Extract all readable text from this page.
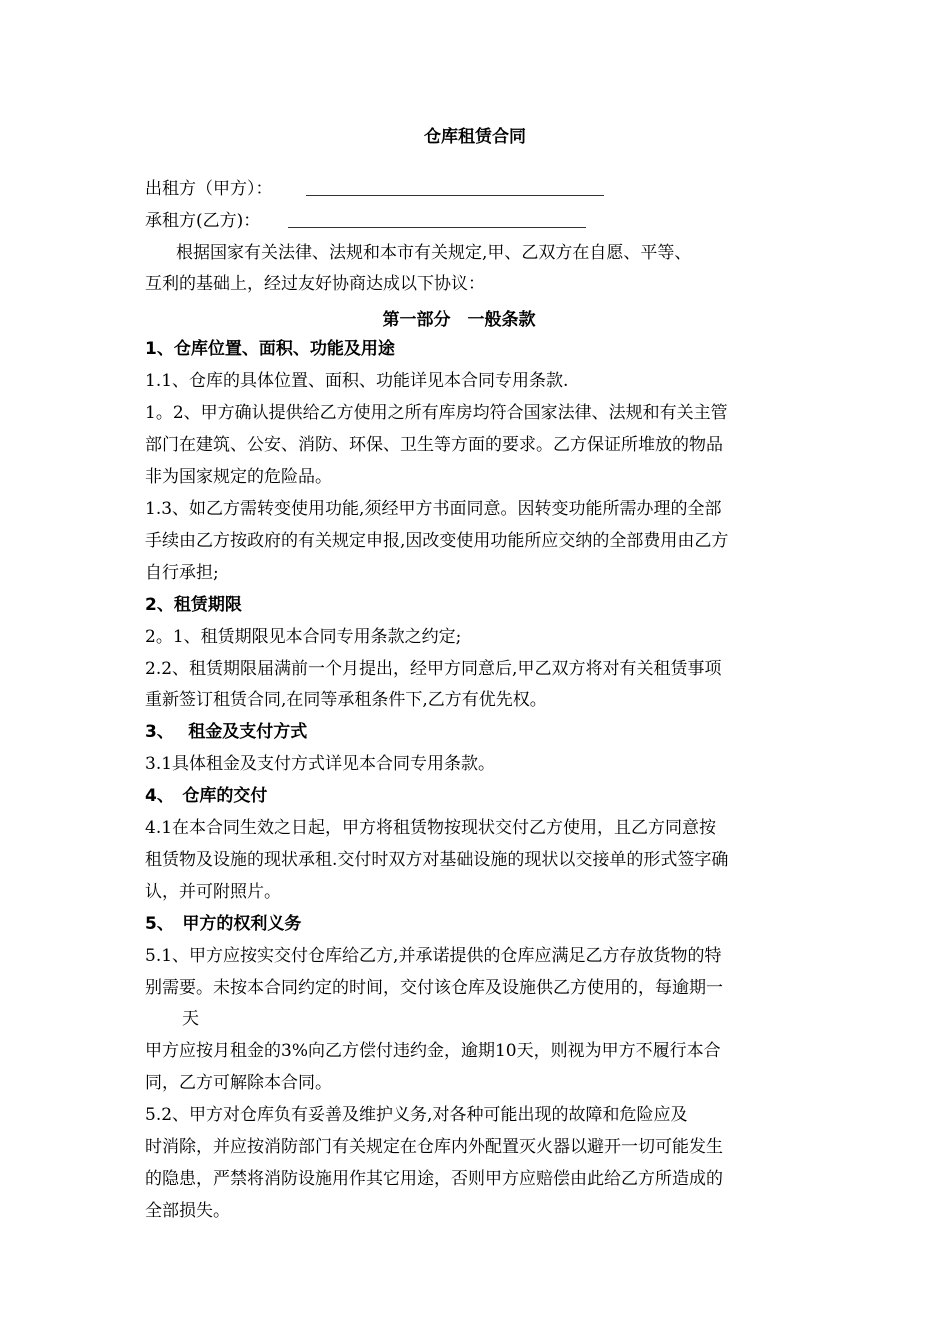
仓库租赁合同

出租方（甲方）：

承租方(乙方)：

根据国家有关法律、法规和本市有关规定,甲、乙双方在自愿、平等、

互利的基础上，经过友好协商达成以下协议：

第一部分　一般条款

1、仓库位置、面积、功能及用途

1.1、仓库的具体位置、面积、功能详见本合同专用条款.

1。2、甲方确认提供给乙方使用之所有库房均符合国家法律、法规和有关主管

部门在建筑、公安、消防、环保、卫生等方面的要求。乙方保证所堆放的物品

非为国家规定的危险品。

1.3、如乙方需转变使用功能,须经甲方书面同意。因转变功能所需办理的全部

手续由乙方按政府的有关规定申报,因改变使用功能所应交纳的全部费用由乙方

自行承担;

2、租赁期限

2。1、租赁期限见本合同专用条款之约定;

2.2、租赁期限届满前一个月提出，经甲方同意后,甲乙双方将对有关租赁事项

重新签订租赁合同,在同等承租条件下,乙方有优先权。

3、　 租金及支付方式

3.1具体租金及支付方式详见本合同专用条款。

4、　仓库的交付

4.1在本合同生效之日起，甲方将租赁物按现状交付乙方使用，且乙方同意按

租赁物及设施的现状承租.交付时双方对基础设施的现状以交接单的形式签字确

认，并可附照片。

5、　甲方的权利义务

5.1、甲方应按实交付仓库给乙方,并承诺提供的仓库应满足乙方存放货物的特

别需要。未按本合同约定的时间，交付该仓库及设施供乙方使用的，每逾期一

天

甲方应按月租金的3%向乙方偿付违约金，逾期10天，则视为甲方不履行本合

同，乙方可解除本合同。

5.2、甲方对仓库负有妥善及维护义务,对各种可能出现的故障和危险应及

时消除，并应按消防部门有关规定在仓库内外配置灭火器以避开一切可能发生

的隐患，严禁将消防设施用作其它用途，否则甲方应赔偿由此给乙方所造成的

全部损失。
